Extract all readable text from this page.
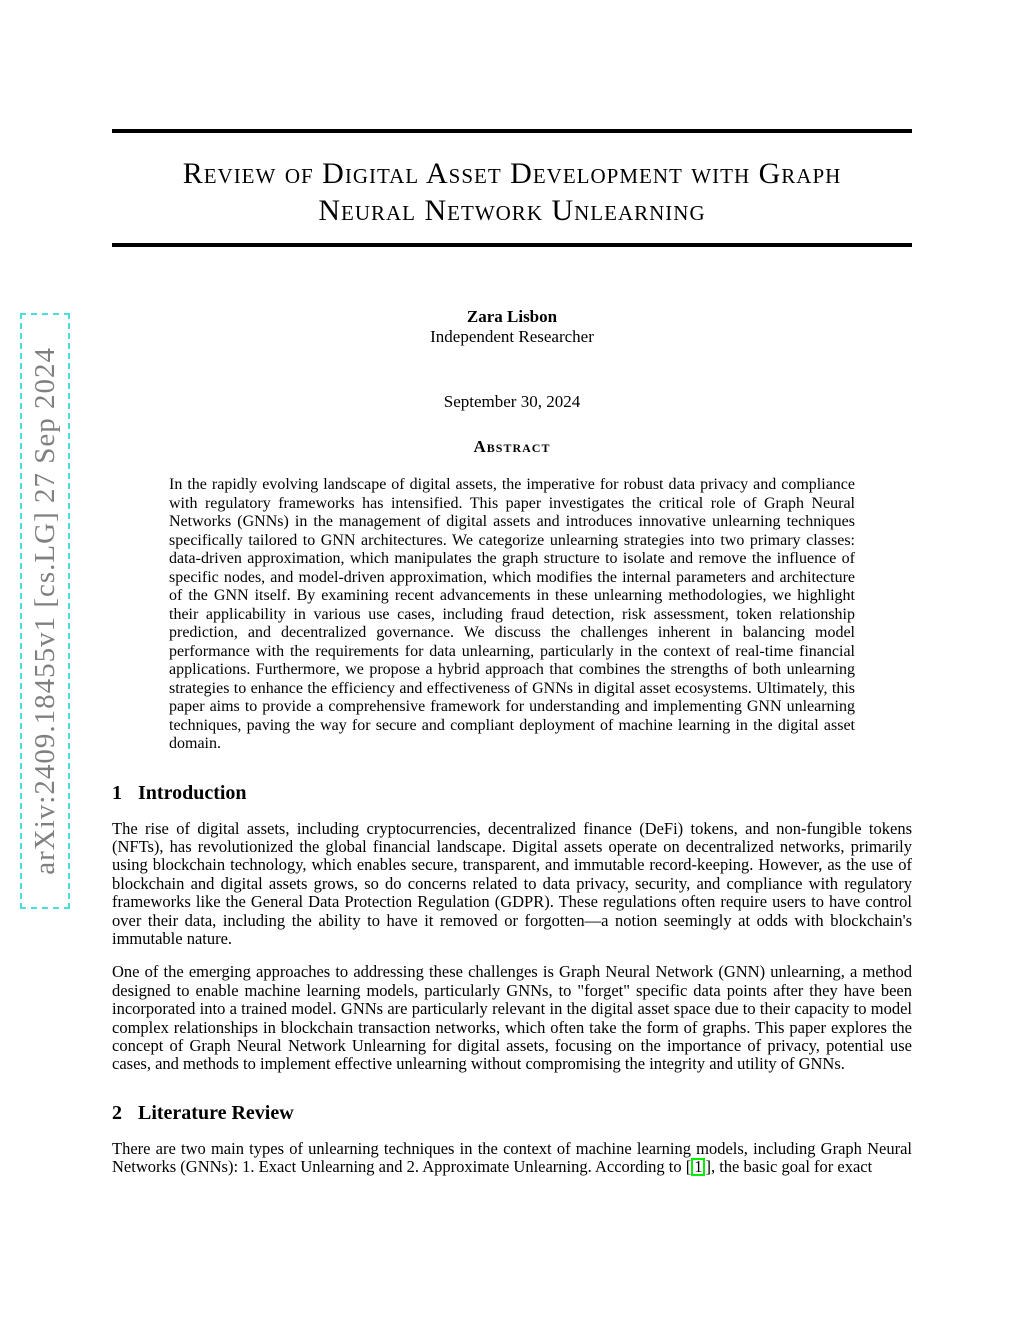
arXiv:2409.18455v1 [cs.LG] 27 Sep 2024
Review of Digital Asset Development with Graph
Neural Network Unlearning
Zara Lisbon
Independent Researcher
September 30, 2024
Abstract
In the rapidly evolving landscape of digital assets, the imperative for robust data privacy and compliance with regulatory frameworks has intensified. This paper investigates the critical role of Graph Neural Networks (GNNs) in the management of digital assets and introduces innovative unlearning techniques specifically tailored to GNN architectures. We categorize unlearning strategies into two primary classes: data-driven approximation, which manipulates the graph structure to isolate and remove the influence of specific nodes, and model-driven approximation, which modifies the internal parameters and architecture of the GNN itself. By examining recent advancements in these unlearning methodologies, we highlight their applicability in various use cases, including fraud detection, risk assessment, token relationship prediction, and decentralized governance. We discuss the challenges inherent in balancing model performance with the requirements for data unlearning, particularly in the context of real-time financial applications. Furthermore, we propose a hybrid approach that combines the strengths of both unlearning strategies to enhance the efficiency and effectiveness of GNNs in digital asset ecosystems. Ultimately, this paper aims to provide a comprehensive framework for understanding and implementing GNN unlearning techniques, paving the way for secure and compliant deployment of machine learning in the digital asset domain.
1 Introduction

The rise of digital assets, including cryptocurrencies, decentralized finance (DeFi) tokens, and non-fungible tokens (NFTs), has revolutionized the global financial landscape. Digital assets operate on decentralized networks, primarily using blockchain technology, which enables secure, transparent, and immutable record-keeping. However, as the use of blockchain and digital assets grows, so do concerns related to data privacy, security, and compliance with regulatory frameworks like the General Data Protection Regulation (GDPR). These regulations often require users to have control over their data, including the ability to have it removed or forgotten—a notion seemingly at odds with blockchain's immutable nature.

One of the emerging approaches to addressing these challenges is Graph Neural Network (GNN) unlearning, a method designed to enable machine learning models, particularly GNNs, to "forget" specific data points after they have been incorporated into a trained model. GNNs are particularly relevant in the digital asset space due to their capacity to model complex relationships in blockchain transaction networks, which often take the form of graphs. This paper explores the concept of Graph Neural Network Unlearning for digital assets, focusing on the importance of privacy, potential use cases, and methods to implement effective unlearning without compromising the integrity and utility of GNNs.

2 Literature Review

There are two main types of unlearning techniques in the context of machine learning models, including Graph Neural Networks (GNNs): 1. Exact Unlearning and 2. Approximate Unlearning. According to [ 1 ], the basic goal for exact
